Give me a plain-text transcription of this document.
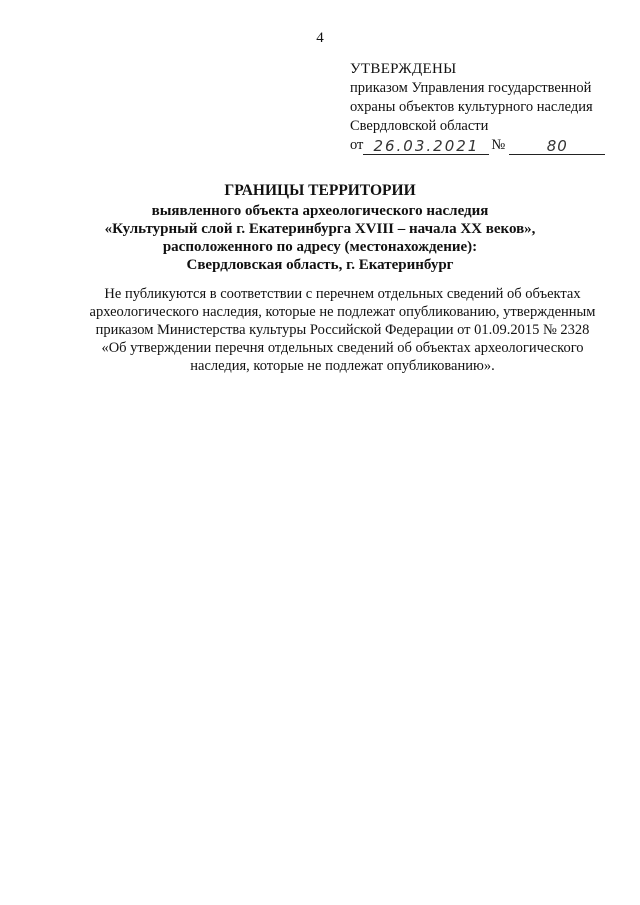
4
УТВЕРЖДЕНЫ
приказом Управления государственной
охраны объектов культурного наследия
Свердловской области
от 26.03.2021 №	80
ГРАНИЦЫ ТЕРРИТОРИИ
выявленного объекта археологического наследия
«Культурный слой г. Екатеринбурга XVIII – начала XX веков»,
расположенного по адресу (местонахождение):
Свердловская область, г. Екатеринбург
Не публикуются в соответствии с перечнем отдельных сведений об объектах
археологического наследия, которые не подлежат опубликованию, утвержденным
приказом Министерства культуры Российской Федерации от 01.09.2015 № 2328
«Об утверждении перечня отдельных сведений об объектах археологического
наследия, которые не подлежат опубликованию».
